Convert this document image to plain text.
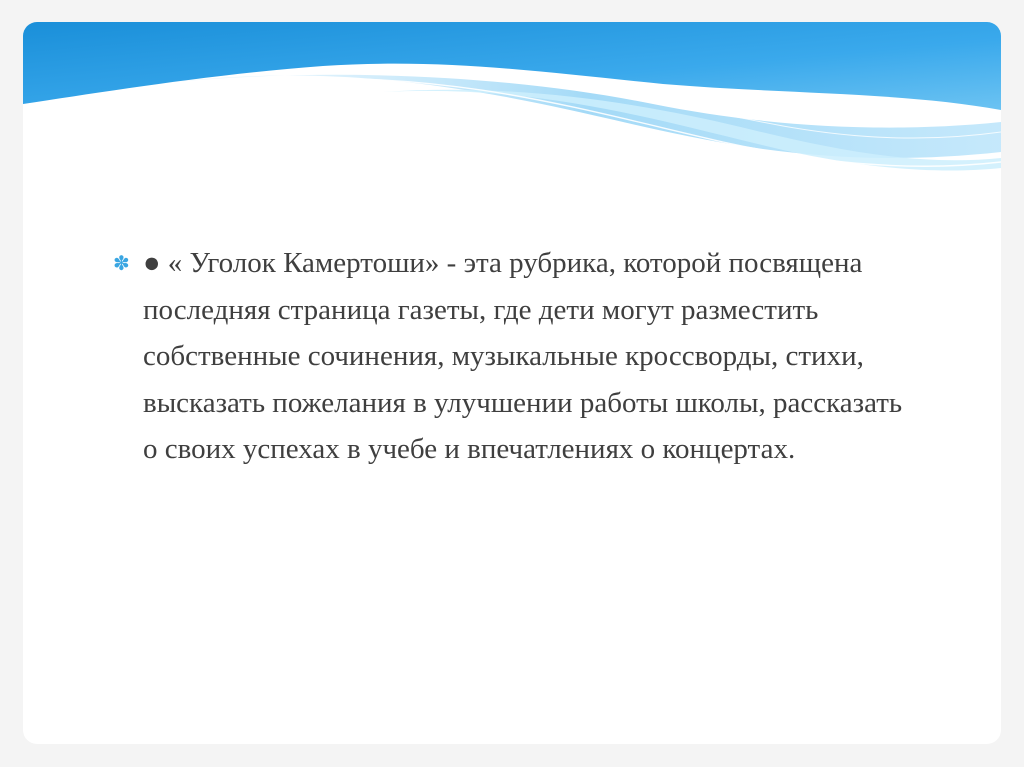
✽ ● « Уголок Камертоши» - эта рубрика, которой посвящена последняя страница газеты, где дети могут разместить собственные сочинения, музыкальные кроссворды, стихи, высказать пожелания в улучшении работы школы, рассказать о своих успехах в учебе и впечатлениях о концертах.
